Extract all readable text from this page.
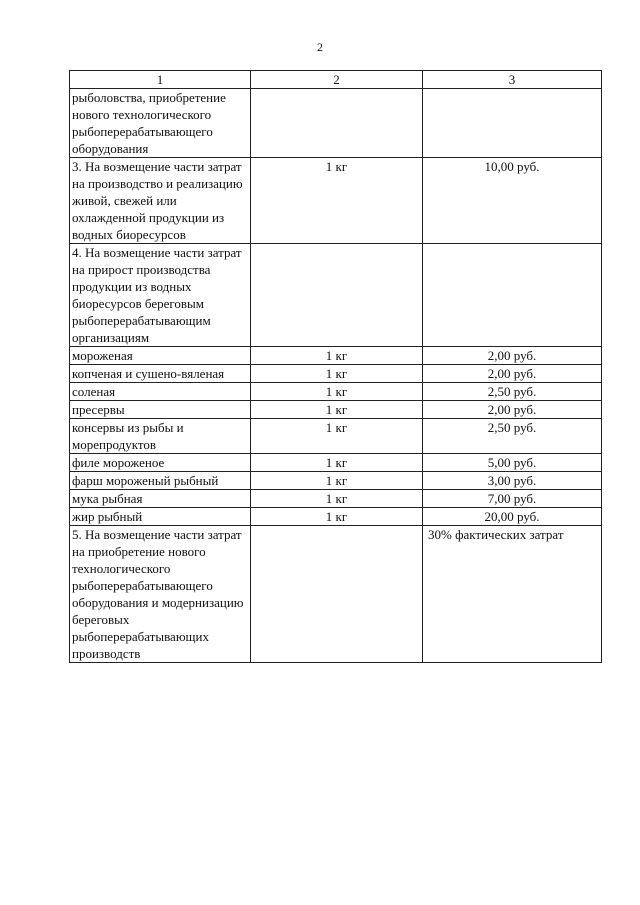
2
1	2	3
рыболовства, приобретение нового технологического рыбоперерабатывающего оборудования		
3. На возмещение части затрат на производство и реализацию живой, свежей или охлажденной продукции из водных биоресурсов	1 кг	10,00 руб.
4. На возмещение части затрат на прирост производства продукции из водных биоресурсов береговым рыбоперерабатывающим организациям		
мороженая	1 кг	2,00 руб.
копченая и сушено-вяленая	1 кг	2,00 руб.
соленая	1 кг	2,50 руб.
пресервы	1 кг	2,00 руб.
консервы из рыбы и морепродуктов	1 кг	2,50 руб.
филе мороженое	1 кг	5,00 руб.
фарш мороженый рыбный	1 кг	3,00 руб.
мука рыбная	1 кг	7,00 руб.
жир рыбный	1 кг	20,00 руб.
5. На возмещение части затрат на приобретение нового технологического рыбоперерабатывающего оборудования и модернизацию береговых рыбоперерабатывающих производств		30% фактических затрат
